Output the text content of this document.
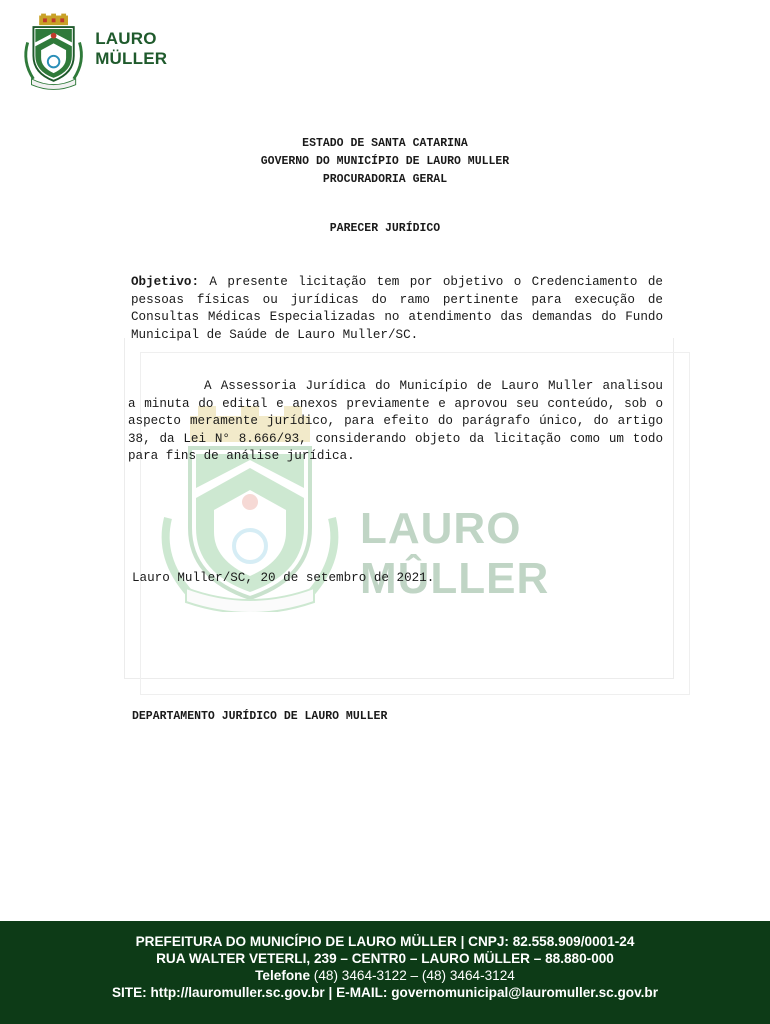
LAURO MÜLLER
LAURO MÛLLER
ESTADO DE SANTA CATARINA
GOVERNO DO MUNICÍPIO DE LAURO MULLER
PROCURADORIA GERAL
PARECER JURÍDICO
Objetivo: A presente licitação tem por objetivo o Credenciamento de pessoas físicas ou jurídicas do ramo pertinente para execução de Consultas Médicas Especializadas no atendimento das demandas do Fundo Municipal de Saúde de Lauro Muller/SC.
A Assessoria Jurídica do Município de Lauro Muller analisou a minuta do edital e anexos previamente e aprovou seu conteúdo, sob o aspecto meramente jurídico, para efeito do parágrafo único, do artigo 38, da Lei N° 8.666/93, considerando objeto da licitação como um todo para fins de análise jurídica.
Lauro Muller/SC, 20 de setembro de 2021.
DEPARTAMENTO JURÍDICO DE LAURO MULLER
PREFEITURA DO MUNICÍPIO DE LAURO MÜLLER | CNPJ: 82.558.909/0001-24
RUA WALTER VETERLI, 239 – CENTR0 – LAURO MÜLLER – 88.880-000
Telefone (48) 3464-3122 – (48) 3464-3124
SITE: http://lauromuller.sc.gov.br | E-MAIL: governomunicipal@lauromuller.sc.gov.br
